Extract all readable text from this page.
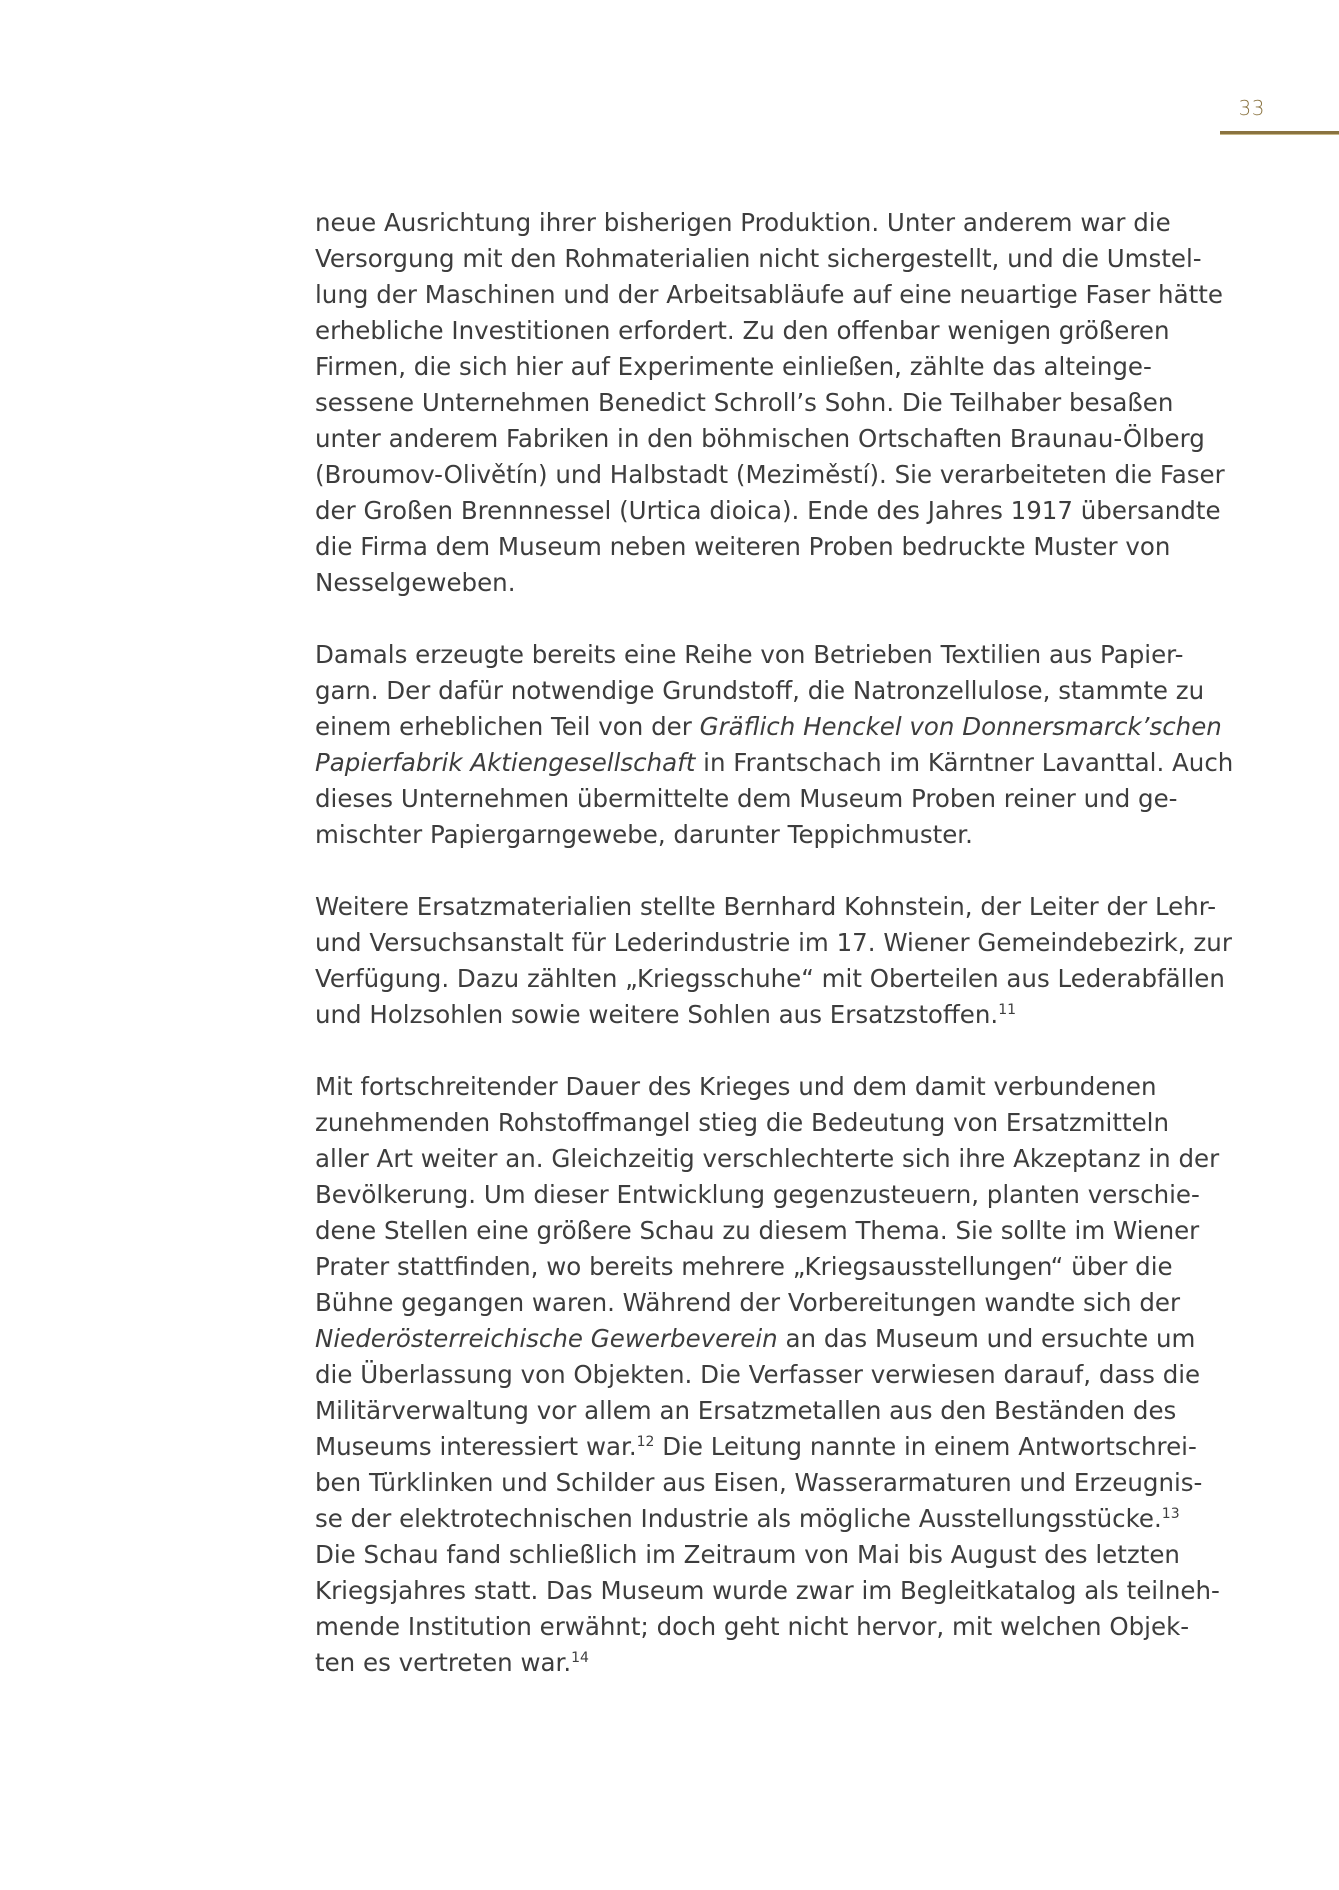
33
neue Ausrichtung ihrer bisherigen Produktion. Unter anderem war die
Versorgung mit den Rohmaterialien nicht sichergestellt, und die Umstel-
lung der Maschinen und der Arbeitsabläufe auf eine neuartige Faser hätte
erhebliche Investitionen erfordert. Zu den offenbar wenigen größeren
Firmen, die sich hier auf Experimente einließen, zählte das alteinge-
sessene Unternehmen Benedict Schroll’s Sohn. Die Teilhaber besaßen
unter anderem Fabriken in den böhmischen Ortschaften Braunau-Ölberg
(Broumov-Olivětín) und Halbstadt (Meziměstí). Sie verarbeiteten die Faser
der Großen Brennnessel (Urtica dioica). Ende des Jahres 1917 übersandte
die Firma dem Museum neben weiteren Proben bedruckte Muster von
Nesselgeweben.
Damals erzeugte bereits eine Reihe von Betrieben Textilien aus Papier-
garn. Der dafür notwendige Grundstoff, die Natronzellulose, stammte zu
einem erheblichen Teil von der Gräflich Henckel von Donnersmarck’schen
Papierfabrik Aktiengesellschaft in Frantschach im Kärntner Lavanttal. Auch
dieses Unternehmen übermittelte dem Museum Proben reiner und ge-
mischter Papiergarngewebe, darunter Teppichmuster.
Weitere Ersatzmaterialien stellte Bernhard Kohnstein, der Leiter der Lehr-
und Versuchsanstalt für Lederindustrie im 17. Wiener Gemeindebezirk, zur
Verfügung. Dazu zählten „Kriegsschuhe“ mit Oberteilen aus Lederabfällen
und Holzsohlen sowie weitere Sohlen aus Ersatzstoffen.$^{11}$
Mit fortschreitender Dauer des Krieges und dem damit verbundenen
zunehmenden Rohstoffmangel stieg die Bedeutung von Ersatzmitteln
aller Art weiter an. Gleichzeitig verschlechterte sich ihre Akzeptanz in der
Bevölkerung. Um dieser Entwicklung gegenzusteuern, planten verschie-
dene Stellen eine größere Schau zu diesem Thema. Sie sollte im Wiener
Prater stattfinden, wo bereits mehrere „Kriegsausstellungen“ über die
Bühne gegangen waren. Während der Vorbereitungen wandte sich der
Niederösterreichische Gewerbeverein an das Museum und ersuchte um
die Überlassung von Objekten. Die Verfasser verwiesen darauf, dass die
Militärverwaltung vor allem an Ersatzmetallen aus den Beständen des
Museums interessiert war.$^{12}$ Die Leitung nannte in einem Antwortschrei-
ben Türklinken und Schilder aus Eisen, Wasserarmaturen und Erzeugnis-
se der elektrotechnischen Industrie als mögliche Ausstellungsstücke.$^{13}$
Die Schau fand schließlich im Zeitraum von Mai bis August des letzten
Kriegsjahres statt. Das Museum wurde zwar im Begleitkatalog als teilneh-
mende Institution erwähnt; doch geht nicht hervor, mit welchen Objek-
ten es vertreten war.$^{14}$
